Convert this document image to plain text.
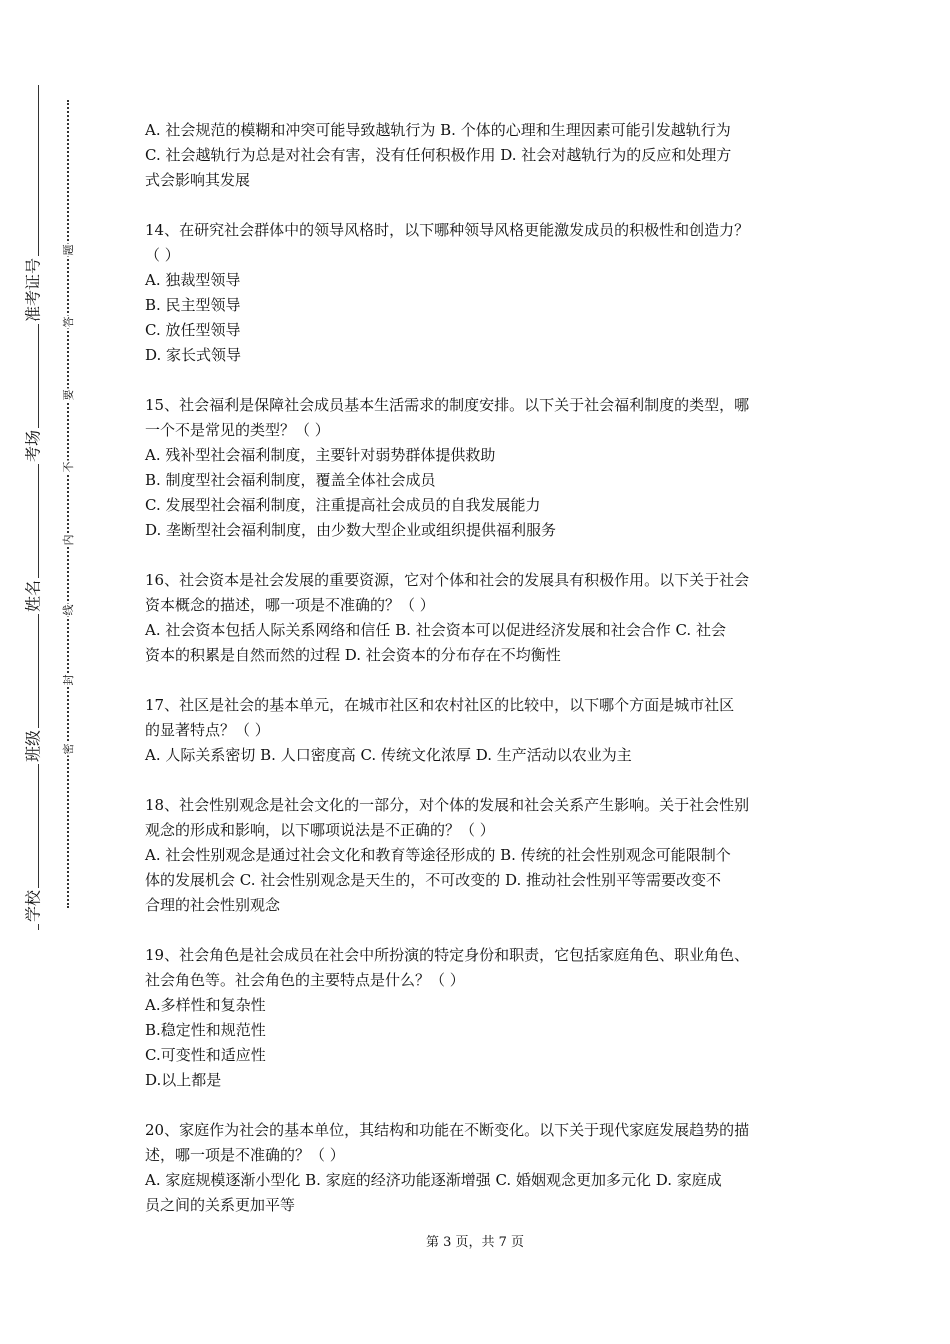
准考证号
考场
姓名
班级
学校
题
答
要
不
内
线
封
密
A. 社会规范的模糊和冲突可能导致越轨行为 B. 个体的心理和生理因素可能引发越轨行为
C. 社会越轨行为总是对社会有害，没有任何积极作用 D. 社会对越轨行为的反应和处理方
式会影响其发展
14、在研究社会群体中的领导风格时，以下哪种领导风格更能激发成员的积极性和创造力？
（ ）
A. 独裁型领导
B. 民主型领导
C. 放任型领导
D. 家长式领导
15、社会福利是保障社会成员基本生活需求的制度安排。以下关于社会福利制度的类型，哪
一个不是常见的类型？（ ）
A. 残补型社会福利制度，主要针对弱势群体提供救助
B. 制度型社会福利制度，覆盖全体社会成员
C. 发展型社会福利制度，注重提高社会成员的自我发展能力
D. 垄断型社会福利制度，由少数大型企业或组织提供福利服务
16、社会资本是社会发展的重要资源，它对个体和社会的发展具有积极作用。以下关于社会
资本概念的描述，哪一项是不准确的？（ ）
A. 社会资本包括人际关系网络和信任 B. 社会资本可以促进经济发展和社会合作 C. 社会
资本的积累是自然而然的过程 D. 社会资本的分布存在不均衡性
17、社区是社会的基本单元，在城市社区和农村社区的比较中，以下哪个方面是城市社区
的显著特点？（ ）
A. 人际关系密切 B. 人口密度高 C. 传统文化浓厚 D. 生产活动以农业为主
18、社会性别观念是社会文化的一部分，对个体的发展和社会关系产生影响。关于社会性别
观念的形成和影响，以下哪项说法是不正确的？（ ）
A. 社会性别观念是通过社会文化和教育等途径形成的 B. 传统的社会性别观念可能限制个
体的发展机会 C. 社会性别观念是天生的，不可改变的 D. 推动社会性别平等需要改变不
合理的社会性别观念
19、社会角色是社会成员在社会中所扮演的特定身份和职责，它包括家庭角色、职业角色、
社会角色等。社会角色的主要特点是什么？（ ）
A.多样性和复杂性
B.稳定性和规范性
C.可变性和适应性
D.以上都是
20、家庭作为社会的基本单位，其结构和功能在不断变化。以下关于现代家庭发展趋势的描
述，哪一项是不准确的？（ ）
A. 家庭规模逐渐小型化 B. 家庭的经济功能逐渐增强 C. 婚姻观念更加多元化 D. 家庭成
员之间的关系更加平等
第 3 页，共 7 页
